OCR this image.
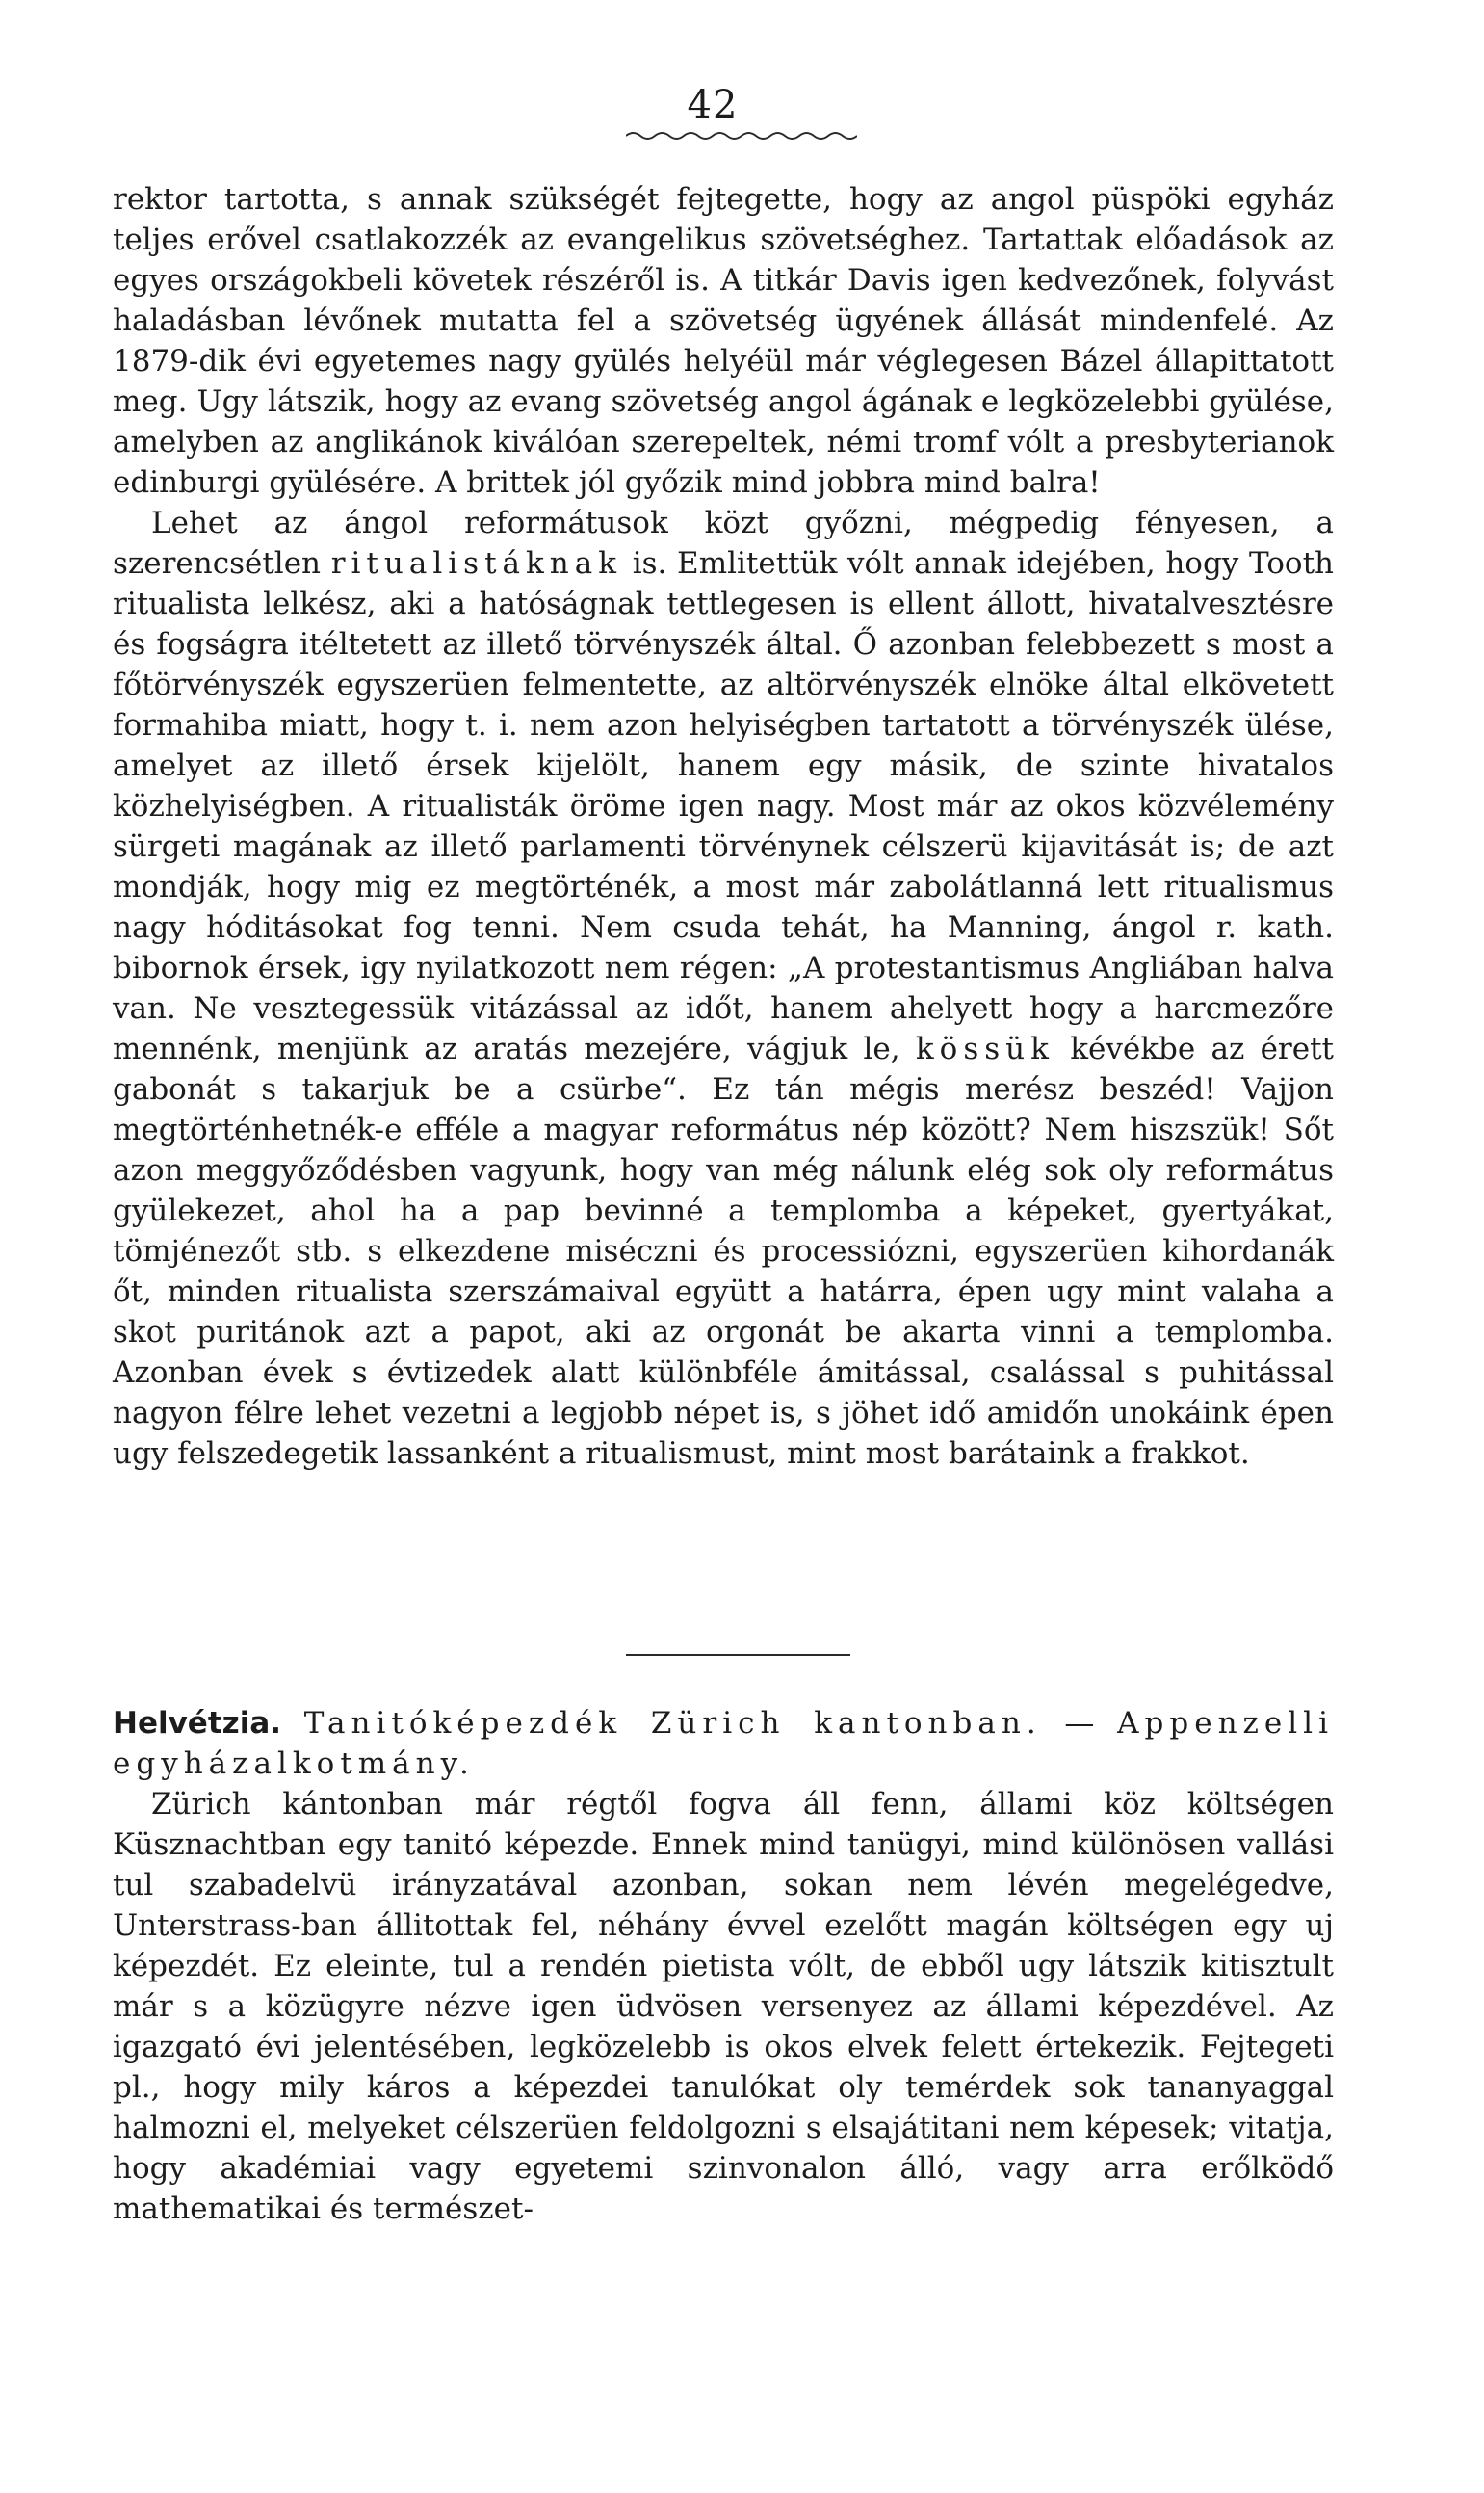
42

rektor tartotta, s annak szükségét fejtegette, hogy az angol püspöki egyház teljes erővel csatlakozzék az evangelikus szövetséghez. Tartattak előadások az egyes országokbeli követek részéről is. A titkár Davis igen kedvezőnek, folyvást haladásban lévőnek mutatta fel a szövetség ügyének állását mindenfelé. Az 1879-dik évi egyetemes nagy gyülés helyéül már véglegesen Bázel állapittatott meg. Ugy látszik, hogy az evang szövetség angol ágának e legközelebbi gyülése, amelyben az anglikánok kiválóan szerepeltek, némi tromf vólt a presbyterianok edinburgi gyülésére. A brittek jól győzik mind jobbra mind balra!

Lehet az ángol reformátusok közt győzni, mégpedig fényesen, a szerencsétlen ritualistáknak is. Emlitettük vólt annak idejében, hogy Tooth ritualista lelkész, aki a hatóságnak tettlegesen is ellent állott, hivatalvesztésre és fogságra itéltetett az illető törvényszék által. Ő azonban felebbezett s most a főtörvényszék egyszerüen felmentette, az altörvényszék elnöke által elkövetett formahiba miatt, hogy t. i. nem azon helyiségben tartatott a törvényszék ülése, amelyet az illető érsek kijelölt, hanem egy másik, de szinte hivatalos közhelyiségben. A ritualisták öröme igen nagy. Most már az okos közvélemény sürgeti magának az illető parlamenti törvénynek célszerü kijavitását is; de azt mondják, hogy mig ez megtörténék, a most már zabolátlanná lett ritualismus nagy hóditásokat fog tenni. Nem csuda tehát, ha Manning, ángol r. kath. bibornok érsek, igy nyilatkozott nem régen: „A protestantismus Angliában halva van. Ne vesztegessük vitázással az időt, hanem ahelyett hogy a harcmezőre mennénk, menjünk az aratás mezejére, vágjuk le, kössük kévékbe az érett gabonát s takarjuk be a csürbe“. Ez tán mégis merész beszéd! Vajjon megtörténhetnék-e efféle a magyar református nép között? Nem hiszszük! Sőt azon meggyőződésben vagyunk, hogy van még nálunk elég sok oly református gyülekezet, ahol ha a pap bevinné a templomba a képeket, gyertyákat, tömjénezőt stb. s elkezdene miséczni és processiózni, egyszerüen kihordanák őt, minden ritualista szerszámaival együtt a határra, épen ugy mint valaha a skot puritánok azt a papot, aki az orgonát be akarta vinni a templomba. Azonban évek s évtizedek alatt különbféle ámitással, csalással s puhitással nagyon félre lehet vezetni a legjobb népet is, s jöhet idő amidőn unokáink épen ugy felszedegetik lassanként a ritualismust, mint most barátaink a frakkot.

Helvétzia. Tanitóképezdék Zürich kantonban. — Appenzelli egyházalkotmány.

Zürich kántonban már régtől fogva áll fenn, állami köz költségen Küsznachtban egy tanitó képezde. Ennek mind tanügyi, mind különösen vallási tul szabadelvü irányzatával azonban, sokan nem lévén megelégedve, Unterstrass-ban állitottak fel, néhány évvel ezelőtt magán költségen egy uj képezdét. Ez eleinte, tul a rendén pietista vólt, de ebből ugy látszik kitisztult már s a közügyre nézve igen üdvösen versenyez az állami képezdével. Az igazgató évi jelentésében, legközelebb is okos elvek felett értekezik. Fejtegeti pl., hogy mily káros a képezdei tanulókat oly temérdek sok tananyaggal halmozni el, melyeket célszerüen feldolgozni s elsajátitani nem képesek; vitatja, hogy akadémiai vagy egyetemi szinvonalon álló, vagy arra erőlködő mathematikai és természet-
